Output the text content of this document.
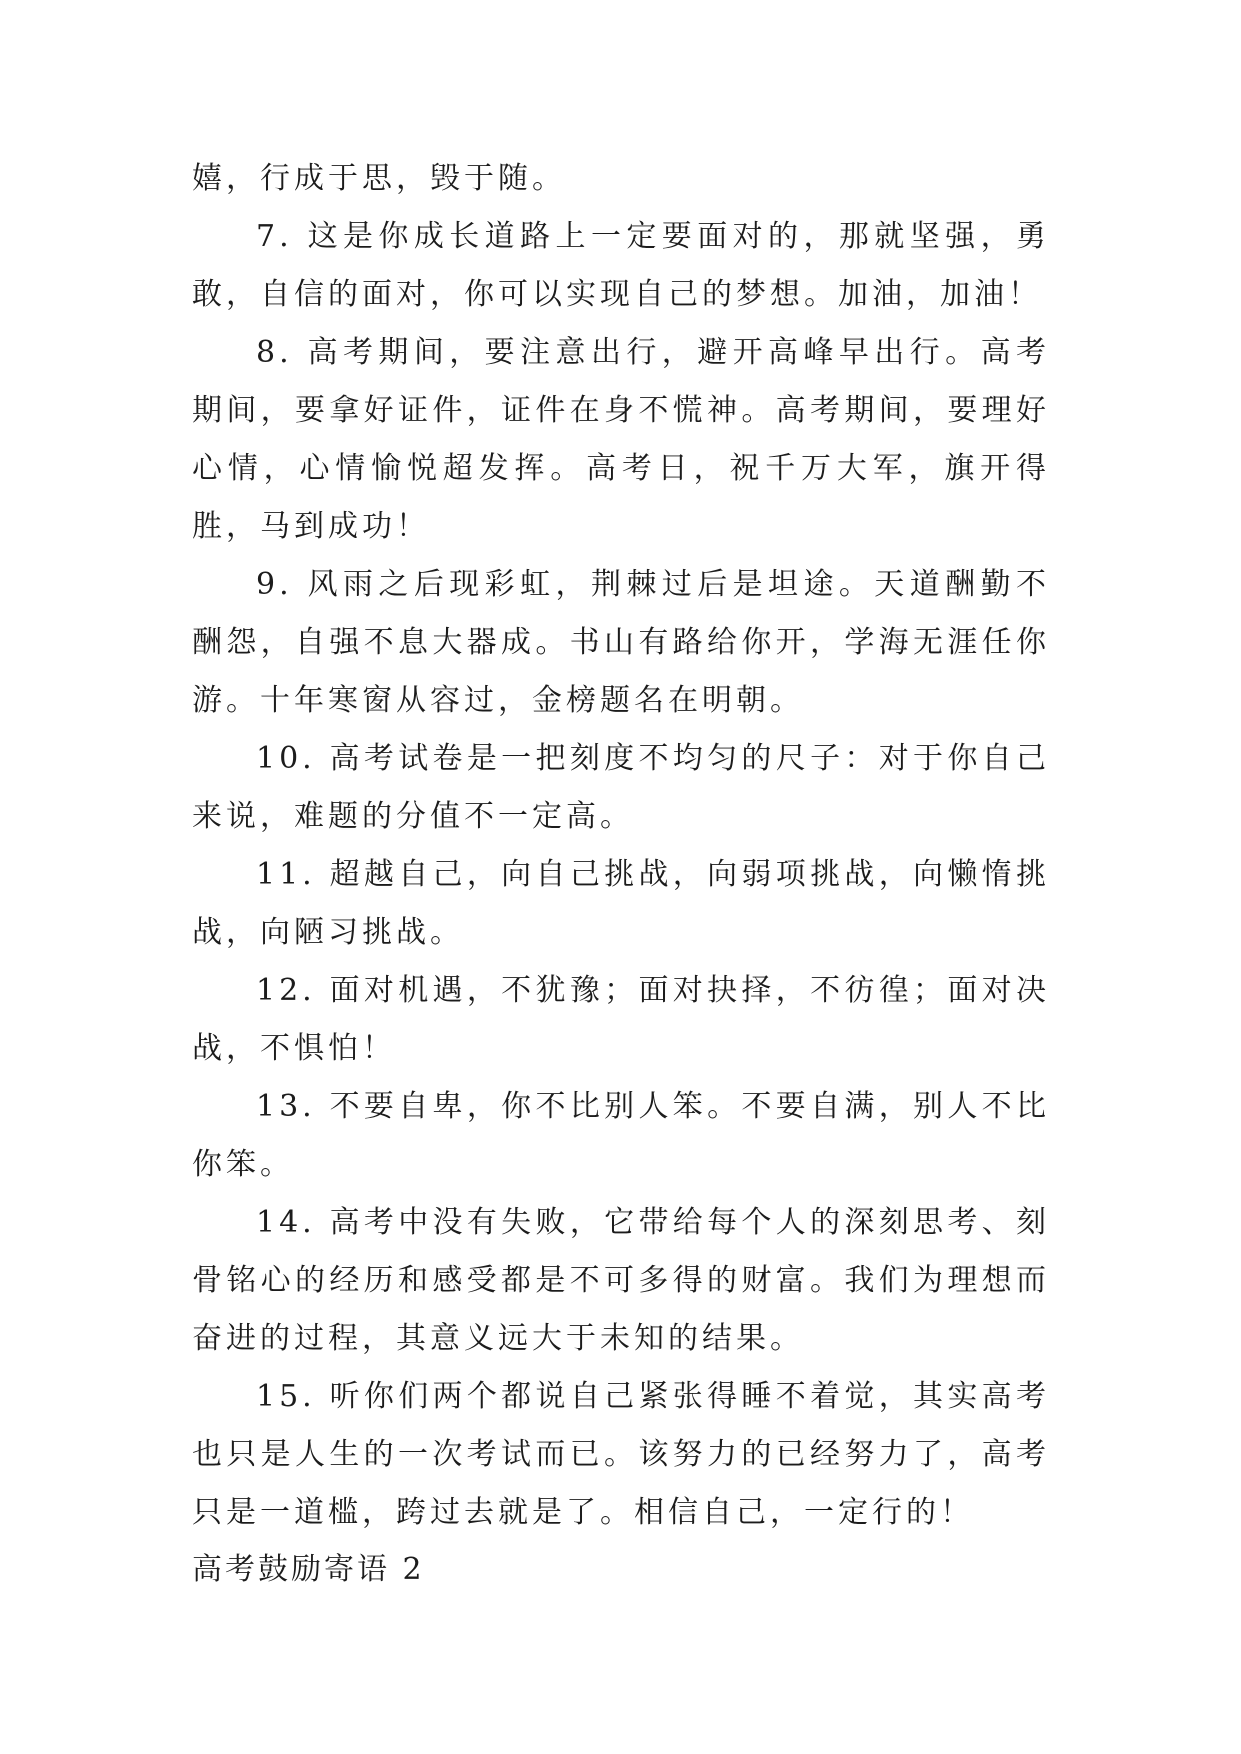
嬉，行成于思，毁于随。

7. 这是你成长道路上一定要面对的，那就坚强，勇敢，自信的面对，你可以实现自己的梦想。加油，加油！

8. 高考期间，要注意出行，避开高峰早出行。高考期间，要拿好证件，证件在身不慌神。高考期间，要理好心情，心情愉悦超发挥。高考日，祝千万大军，旗开得胜，马到成功！

9. 风雨之后现彩虹，荆棘过后是坦途。天道酬勤不酬怨，自强不息大器成。书山有路给你开，学海无涯任你游。十年寒窗从容过，金榜题名在明朝。

10. 高考试卷是一把刻度不均匀的尺子：对于你自己来说，难题的分值不一定高。

11. 超越自己，向自己挑战，向弱项挑战，向懒惰挑战，向陋习挑战。

12. 面对机遇，不犹豫；面对抉择，不彷徨；面对决战，不惧怕！

13. 不要自卑，你不比别人笨。不要自满，别人不比你笨。

14. 高考中没有失败，它带给每个人的深刻思考、刻骨铭心的经历和感受都是不可多得的财富。我们为理想而奋进的过程，其意义远大于未知的结果。

15. 听你们两个都说自己紧张得睡不着觉，其实高考也只是人生的一次考试而已。该努力的已经努力了，高考只是一道槛，跨过去就是了。相信自己，一定行的！

高考鼓励寄语 2
